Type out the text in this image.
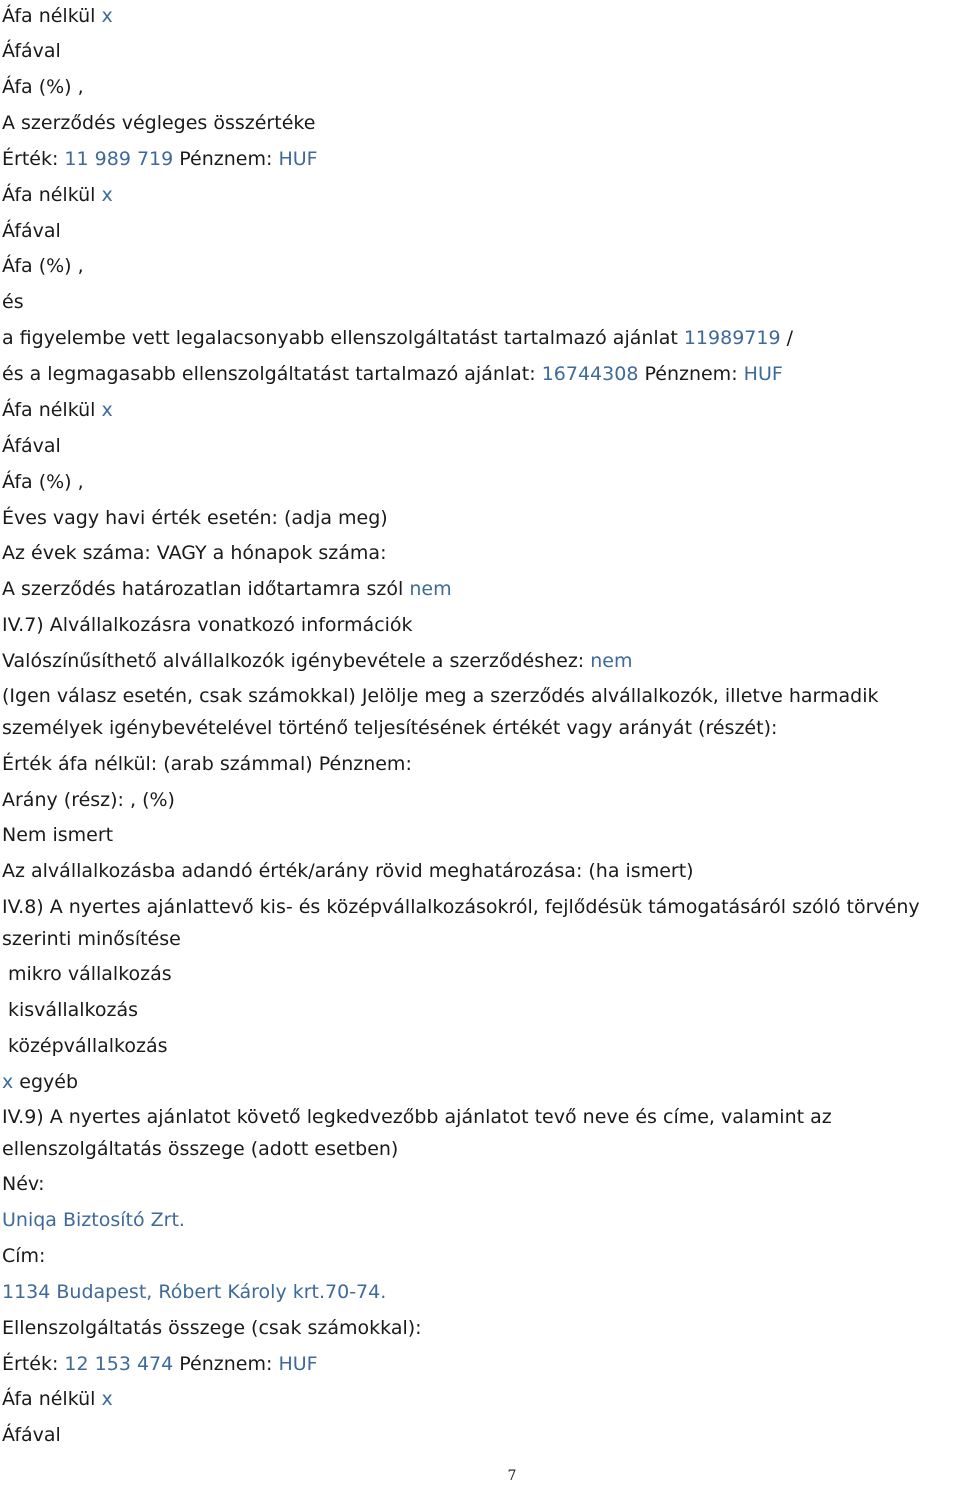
Áfa nélkül x
Áfával
Áfa (%) ,
A szerződés végleges összértéke
Érték: 11 989 719 Pénznem: HUF
Áfa nélkül x
Áfával
Áfa (%) ,
és
a figyelembe vett legalacsonyabb ellenszolgáltatást tartalmazó ajánlat 11989719 /
és a legmagasabb ellenszolgáltatást tartalmazó ajánlat: 16744308 Pénznem: HUF
Áfa nélkül x
Áfával
Áfa (%) ,
Éves vagy havi érték esetén: (adja meg)
Az évek száma: VAGY a hónapok száma:
A szerződés határozatlan időtartamra szól nem
IV.7) Alvállalkozásra vonatkozó információk
Valószínűsíthető alvállalkozók igénybevétele a szerződéshez: nem
(Igen válasz esetén, csak számokkal) Jelölje meg a szerződés alvállalkozók, illetve harmadik személyek igénybevételével történő teljesítésének értékét vagy arányát (részét):
Érték áfa nélkül: (arab számmal) Pénznem:
Arány (rész): , (%)
Nem ismert
Az alvállalkozásba adandó érték/arány rövid meghatározása: (ha ismert)
IV.8) A nyertes ajánlattevő kis- és középvállalkozásokról, fejlődésük támogatásáról szóló törvény szerinti minősítése
mikro vállalkozás
kisvállalkozás
középvállalkozás
x egyéb
IV.9) A nyertes ajánlatot követő legkedvezőbb ajánlatot tevő neve és címe, valamint az ellenszolgáltatás összege (adott esetben)
Név:
Uniqa Biztosító Zrt.
Cím:
1134 Budapest, Róbert Károly krt.70-74.
Ellenszolgáltatás összege (csak számokkal):
Érték: 12 153 474 Pénznem: HUF
Áfa nélkül x
Áfával
7
